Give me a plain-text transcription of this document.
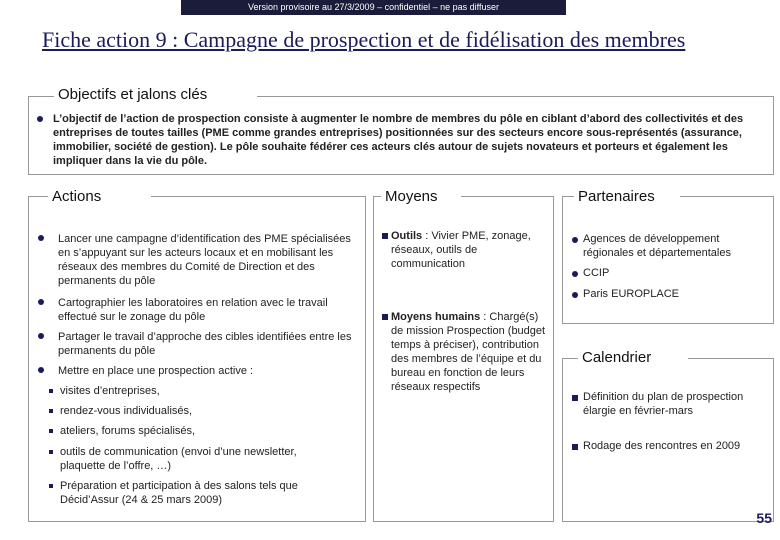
Version provisoire au 27/3/2009 – confidentiel – ne pas diffuser
Fiche action 9 : Campagne de prospection et de fidélisation des membres
Objectifs et jalons clés
L’objectif de l’action de prospection consiste à augmenter le nombre de membres du pôle en ciblant d’abord des collectivités et des entreprises de toutes tailles (PME comme grandes entreprises) positionnées sur des secteurs encore sous-représentés (assurance, immobilier, société de gestion). Le pôle souhaite fédérer ces acteurs clés autour de sujets novateurs et porteurs et également les impliquer dans la vie du pôle.
Actions
Lancer une campagne d’identification des PME spécialisées en s’appuyant sur les acteurs locaux et en mobilisant les réseaux des membres du Comité de Direction et des permanents du pôle
Cartographier les laboratoires en relation avec le travail effectué sur le zonage du pôle
Partager le travail d’approche des cibles identifiées entre les permanents du pôle
Mettre en place une prospection active :
visites d’entreprises,
rendez-vous individualisés,
ateliers, forums spécialisés,
outils de communication (envoi d’une newsletter, plaquette de l’offre, …)
Préparation et participation à des salons tels que Décid’Assur (24 & 25 mars 2009)
Moyens
Outils : Vivier PME, zonage, réseaux, outils de communication
Moyens humains : Chargé(s) de mission Prospection (budget temps à préciser), contribution des membres de l’équipe et du bureau en fonction de leurs réseaux respectifs
Partenaires
Agences de développement régionales et départementales
CCIP
Paris EUROPLACE
Calendrier
Définition du plan de prospection élargie en février-mars
Rodage des rencontres en 2009
55
